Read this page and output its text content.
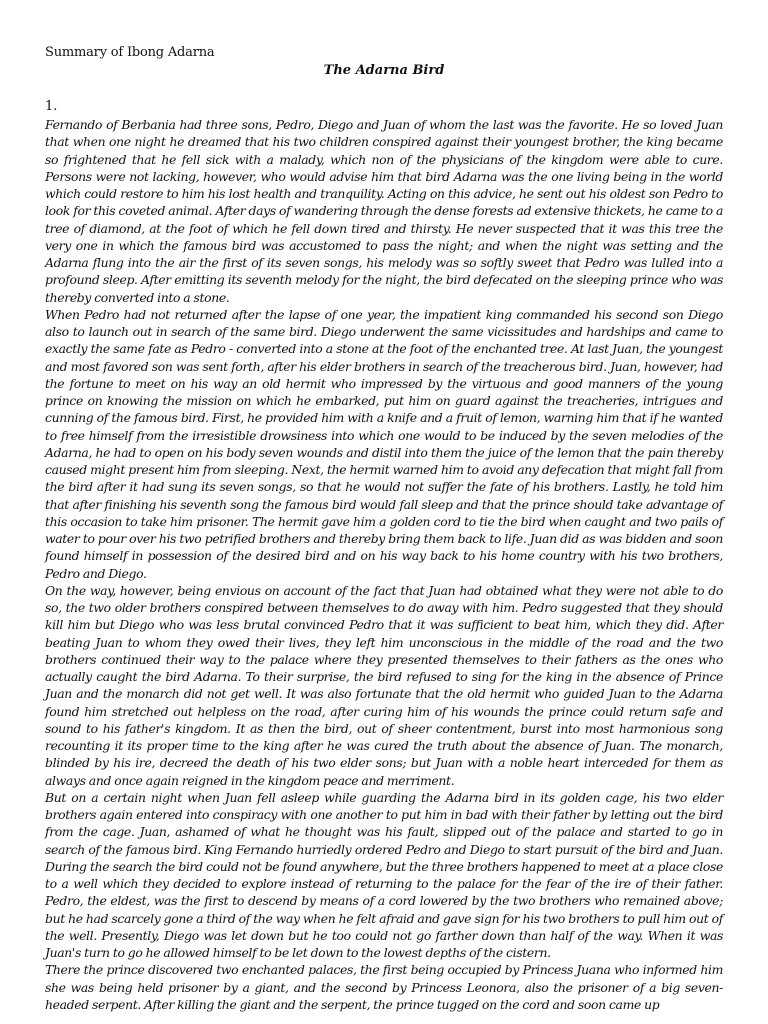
Summary of Ibong Adarna

The Adarna Bird

1.

Fernando of Berbania had three sons, Pedro, Diego and Juan of whom the last was the favorite. He so loved Juan that when one night he dreamed that his two children conspired against their youngest brother, the king became so frightened that he fell sick with a malady, which non of the physicians of the kingdom were able to cure. Persons were not lacking, however, who would advise him that bird Adarna was the one living being in the world which could restore to him his lost health and tranquility. Acting on this advice, he sent out his oldest son Pedro to look for this coveted animal. After days of wandering through the dense forests ad extensive thickets, he came to a tree of diamond, at the foot of which he fell down tired and thirsty. He never suspected that it was this tree the very one in which the famous bird was accustomed to pass the night; and when the night was setting and the Adarna flung into the air the first of its seven songs, his melody was so softly sweet that Pedro was lulled into a profound sleep. After emitting its seventh melody for the night, the bird defecated on the sleeping prince who was thereby converted into a stone.

When Pedro had not returned after the lapse of one year, the impatient king commanded his second son Diego also to launch out in search of the same bird. Diego underwent the same vicissitudes and hardships and came to exactly the same fate as Pedro - converted into a stone at the foot of the enchanted tree. At last Juan, the youngest and most favored son was sent forth, after his elder brothers in search of the treacherous bird. Juan, however, had the fortune to meet on his way an old hermit who impressed by the virtuous and good manners of the young prince on knowing the mission on which he embarked, put him on guard against the treacheries, intrigues and cunning of the famous bird. First, he provided him with a knife and a fruit of lemon, warning him that if he wanted to free himself from the irresistible drowsiness into which one would to be induced by the seven melodies of the Adarna, he had to open on his body seven wounds and distil into them the juice of the lemon that the pain thereby caused might present him from sleeping. Next, the hermit warned him to avoid any defecation that might fall from the bird after it had sung its seven songs, so that he would not suffer the fate of his brothers. Lastly, he told him that after finishing his seventh song the famous bird would fall sleep and that the prince should take advantage of this occasion to take him prisoner. The hermit gave him a golden cord to tie the bird when caught and two pails of water to pour over his two petrified brothers and thereby bring them back to life. Juan did as was bidden and soon found himself in possession of the desired bird and on his way back to his home country with his two brothers, Pedro and Diego.

On the way, however, being envious on account of the fact that Juan had obtained what they were not able to do so, the two older brothers conspired between themselves to do away with him. Pedro suggested that they should kill him but Diego who was less brutal convinced Pedro that it was sufficient to beat him, which they did. After beating Juan to whom they owed their lives, they left him unconscious in the middle of the road and the two brothers continued their way to the palace where they presented themselves to their fathers as the ones who actually caught the bird Adarna. To their surprise, the bird refused to sing for the king in the absence of Prince Juan and the monarch did not get well. It was also fortunate that the old hermit who guided Juan to the Adarna found him stretched out helpless on the road, after curing him of his wounds the prince could return safe and sound to his father's kingdom. It as then the bird, out of sheer contentment, burst into most harmonious song recounting it its proper time to the king after he was cured the truth about the absence of Juan. The monarch, blinded by his ire, decreed the death of his two elder sons; but Juan with a noble heart interceded for them as always and once again reigned in the kingdom peace and merriment.

But on a certain night when Juan fell asleep while guarding the Adarna bird in its golden cage, his two elder brothers again entered into conspiracy with one another to put him in bad with their father by letting out the bird from the cage. Juan, ashamed of what he thought was his fault, slipped out of the palace and started to go in search of the famous bird. King Fernando hurriedly ordered Pedro and Diego to start pursuit of the bird and Juan. During the search the bird could not be found anywhere, but the three brothers happened to meet at a place close to a well which they decided to explore instead of returning to the palace for the fear of the ire of their father. Pedro, the eldest, was the first to descend by means of a cord lowered by the two brothers who remained above; but he had scarcely gone a third of the way when he felt afraid and gave sign for his two brothers to pull him out of the well. Presently, Diego was let down but he too could not go farther down than half of the way. When it was Juan's turn to go he allowed himself to be let down to the lowest depths of the cistern.

There the prince discovered two enchanted palaces, the first being occupied by Princess Juana who informed him she was being held prisoner by a giant, and the second by Princess Leonora, also the prisoner of a big seven-headed serpent. After killing the giant and the serpent, the prince tugged on the cord and soon came up
